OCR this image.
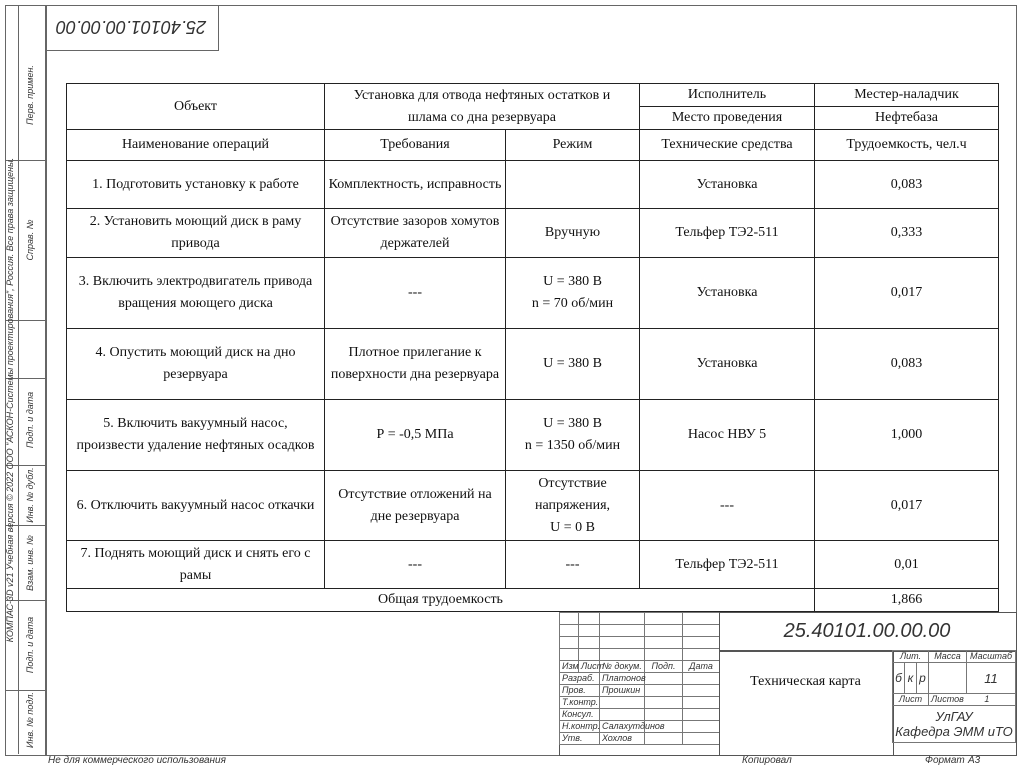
25.40101.00.00.00
Перв. примен.
Справ. №
КОМПАС-3D v21 Учебная версия © 2022 ООО "АСКОН-Системы проектирования", Россия. Все права защищены. Подп. и дата
Инв. № дубл.
Взам. инв. №
Подп. и дата
Инв. № подл.
Объект	Установка для отвода нефтяных остатков и шлама со дна резервуара		Исполнитель	Местер-наладчик
			Место проведения	Нефтебаза
Наименование операций	Требования	Режим	Технические средства	Трудоемкость, чел.ч
1. Подготовить установку к работе	Комплектность, исправность		Установка	0,083
2. Установить моющий диск в раму привода	Отсутствие зазоров хомутов держателей	Вручную	Тельфер ТЭ2-511	0,333
3. Включить электродвигатель привода вращения моющего диска	---	U = 380 В
n = 70 об/мин	Установка	0,017
4. Опустить моющий диск на дно резервуара	Плотное прилегание к поверхности дна резервуара	U = 380 В	Установка	0,083
5. Включить вакуумный насос, произвести удаление нефтяных осадков	Р = -0,5 МПа	U = 380 В
n = 1350 об/мин	Насос НВУ 5	1,000
6. Отключить вакуумный насос откачки	Отсутствие отложений на дне резервуара	Отсутствие напряжения,
U = 0 В	---	0,017
7. Поднять моющий диск и снять его с рамы	---	---	Тельфер ТЭ2-511	0,01
Общая трудоемкость				1,866

Изм	Лист	№ докум.	Подп.	Дата
Разраб.		Платонов		
Пров.		Прошкин		
Т.контр.				
Консул.				
Н.контр.		Салахутдинов		
Утв.		Хохлов		
25.40101.00.00.00
Техническая карта
Лит.			Масса	Масштаб
б	к	р		11
Лист			Листов 1	

УлГАУ
Кафедра ЭММ иТО				
Не для коммерческого использования	Копировал	Формат А3
